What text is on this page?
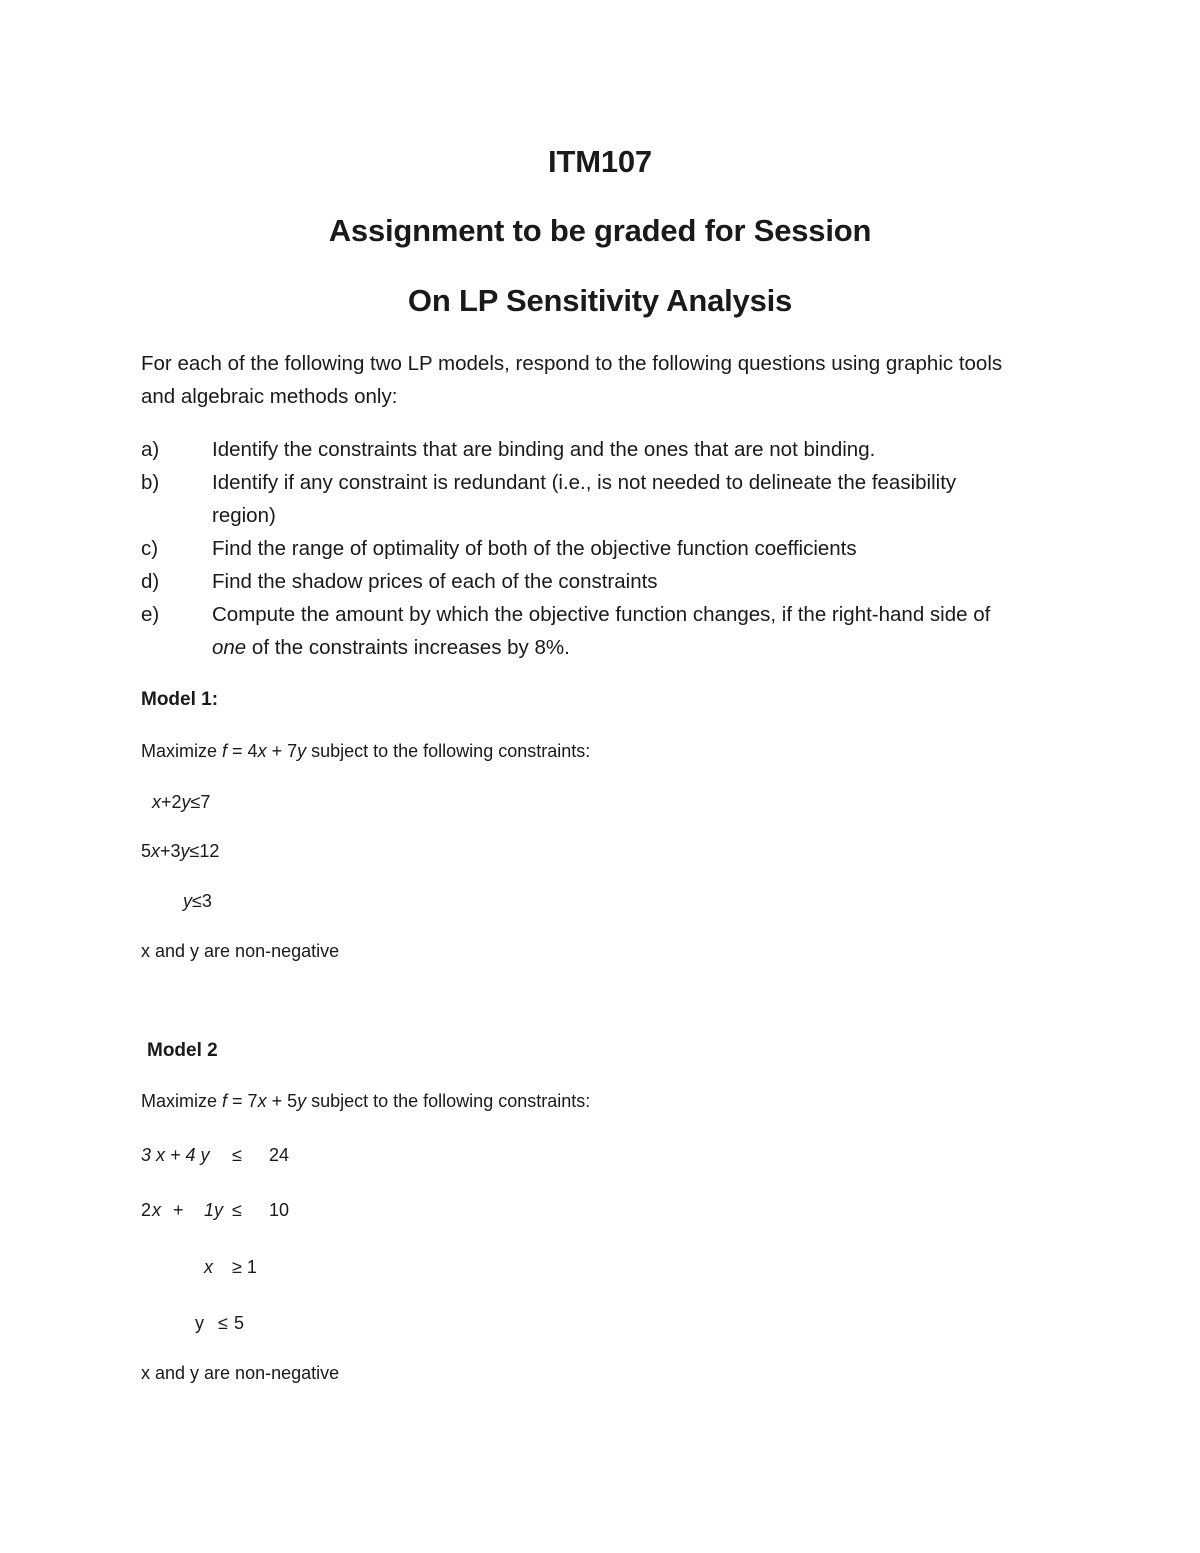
ITM107
Assignment to be graded for Session
On LP Sensitivity Analysis
For each of the following two LP models, respond to the following questions using graphic tools
and algebraic methods only:
a)	Identify the constraints that are binding and the ones that are not binding.
b)	Identify if any constraint is redundant (i.e., is not needed to delineate the feasibility
region)
c)	Find the range of optimality of both of the objective function coefficients
d)	Find the shadow prices of each of the constraints
e)	Compute the amount by which the objective function changes, if the right-hand side of
one of the constraints increases by 8%.
Model 1:
Maximize f = 4x + 7y subject to the following constraints:
x+2y≤7
5x+3y≤12
y≤3
x and y are non-negative
Model 2
Maximize f = 7x + 5y subject to the following constraints:
3 x + 4 y ≤ 24
2 x + 1y ≤ 10
x ≥ 1
y ≤ 5
x and y are non-negative
